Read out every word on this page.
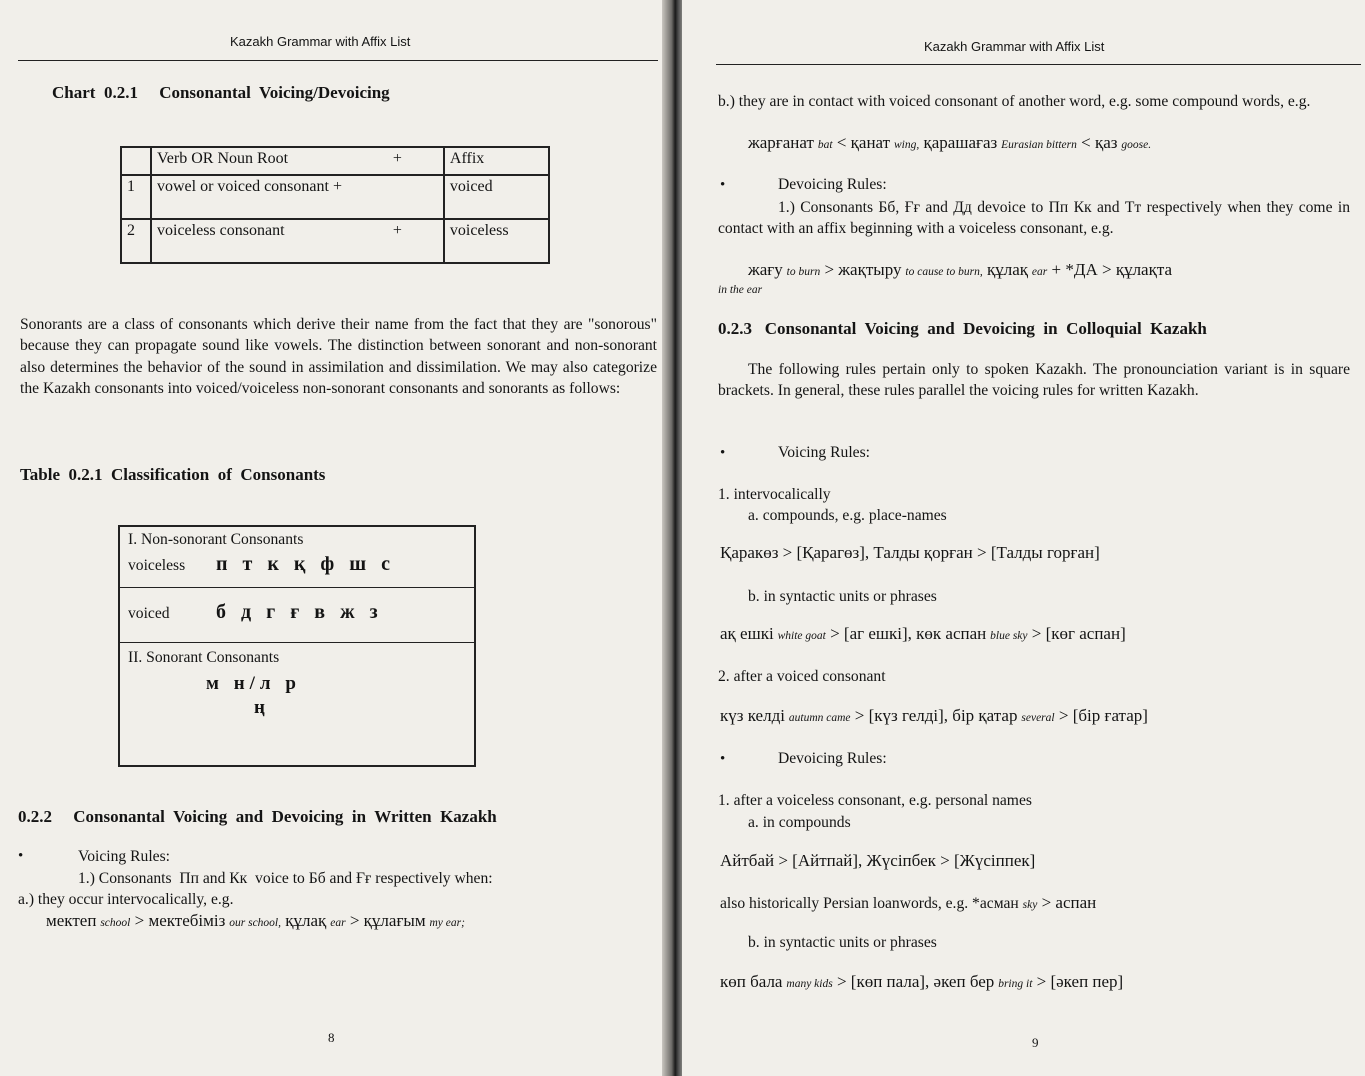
Kazakh Grammar with Affix List
Chart  0.2.1     Consonantal  Voicing/Devoicing
	Verb OR Noun Root +	Affix
1	vowel or voiced consonant +	voiced
2	voiceless consonant +	voiceless
Sonorants are a class of consonants which derive their name from the fact that they are "sonorous" because they can propagate sound like vowels. The distinction between sonorant and non-sonorant also determines the behavior of the sound in assimilation and dissimilation. We may also categorize the Kazakh consonants into voiced/voiceless non-sonorant consonants and sonorants as follows:
Table  0.2.1  Classification  of  Consonants
I. Non-sonorant Consonants
voiceless п т к қ ф ш с
voiced б д г ғ в ж з
II. Sonorant Consonants
м н/л р
ң
0.2.2     Consonantal  Voicing  and  Devoicing  in  Written  Kazakh
•	Voicing Rules:
1.) Consonants  Пп and Кк  voice to Бб and Ғғ respectively when:
a.) they occur intervocalically, e.g.
мектеп school > мектебіміз our school, құлақ ear > құлағым my ear;
8
Kazakh Grammar with Affix List
b.) they are in contact with voiced consonant of another word, e.g. some compound words, e.g.
жарғанат bat < қанат wing, қарашағаз Eurasian bittern < қаз goose.
•	Devoicing Rules:
1.) Consonants Бб, Ғғ and Дд devoice to Пп Кк and Тт respectively when they come in contact with an affix beginning with a voiceless consonant, e.g.
жағу to burn > жақтыру to cause to burn, құлақ ear + *ДА > құлақта
in the ear
0.2.3   Consonantal  Voicing  and  Devoicing  in  Colloquial  Kazakh
The following rules pertain only to spoken Kazakh. The pronounciation variant is in square brackets. In general, these rules parallel the voicing rules for written Kazakh.
•	Voicing Rules:
1. intervocalically
a. compounds, e.g. place-names
Қаракөз > [Қарагөз], Талды қорған > [Талды горған]
b. in syntactic units or phrases
ақ ешкі white goat > [аг ешкі], көк аспан blue sky > [көг аспан]
2. after a voiced consonant
күз келді autumn came > [күз гелді], бір қатар several > [бір ғатар]
•	Devoicing Rules:
1. after a voiceless consonant, e.g. personal names
a. in compounds
Айтбай > [Айтпай], Жүсіпбек > [Жүсіппек]
also historically Persian loanwords, e.g. *асман sky > аспан
b. in syntactic units or phrases
көп бала many kids > [көп пала], әкеп бер bring it > [әкеп пер]
9
